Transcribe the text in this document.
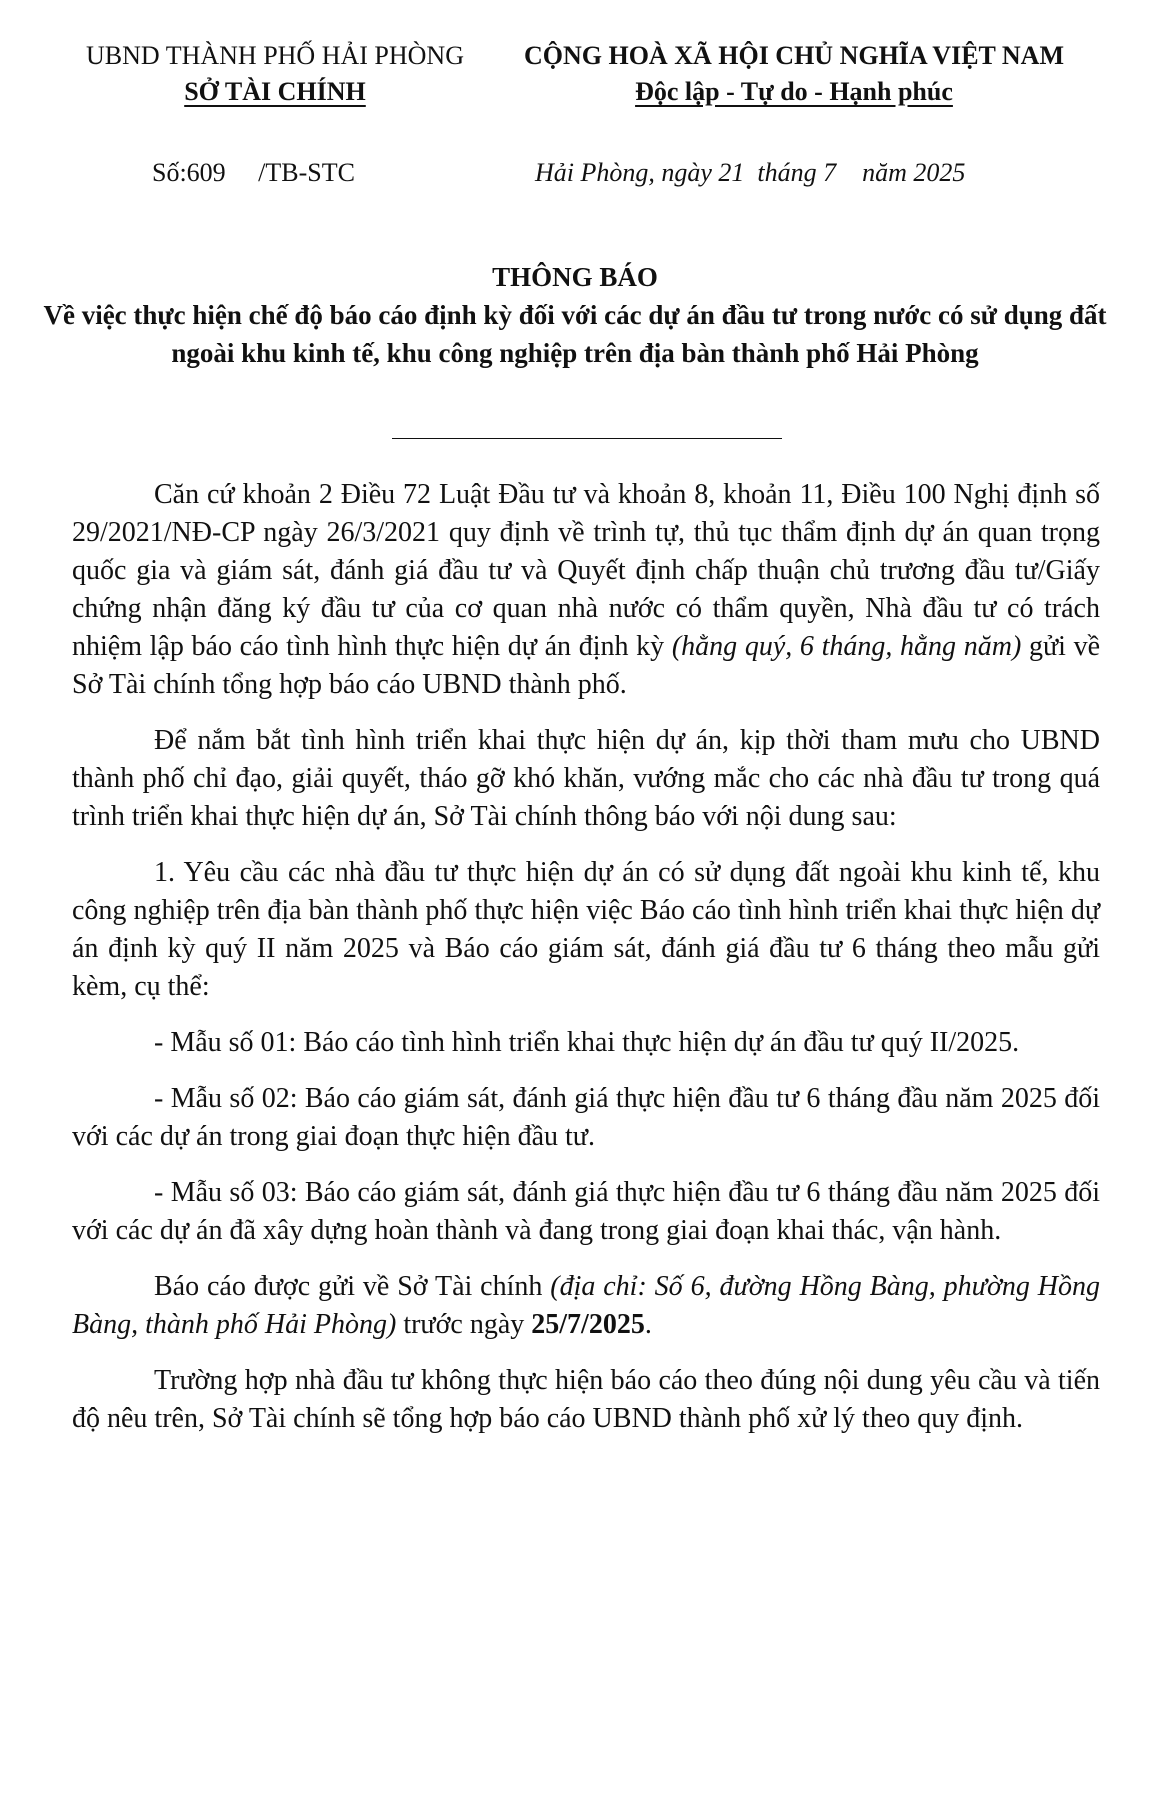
UBND THÀNH PHỐ HẢI PHÒNG
SỞ TÀI CHÍNH
CỘNG HOÀ XÃ HỘI CHỦ NGHĨA VIỆT NAM
Độc lập - Tự do - Hạnh phúc
Số:609     /TB-STC	Hải Phòng, ngày 21  tháng 7    năm 2025
THÔNG BÁO
Về việc thực hiện chế độ báo cáo định kỳ đối với các dự án đầu tư trong nước có sử dụng đất ngoài khu kinh tế, khu công nghiệp trên địa bàn thành phố Hải Phòng

Căn cứ khoản 2 Điều 72 Luật Đầu tư và khoản 8, khoản 11, Điều 100 Nghị định số 29/2021/NĐ-CP ngày 26/3/2021 quy định về trình tự, thủ tục thẩm định dự án quan trọng quốc gia và giám sát, đánh giá đầu tư và Quyết định chấp thuận chủ trương đầu tư/Giấy chứng nhận đăng ký đầu tư của cơ quan nhà nước có thẩm quyền, Nhà đầu tư có trách nhiệm lập báo cáo tình hình thực hiện dự án định kỳ (hằng quý, 6 tháng, hằng năm) gửi về Sở Tài chính tổng hợp báo cáo UBND thành phố.

Để nắm bắt tình hình triển khai thực hiện dự án, kịp thời tham mưu cho UBND thành phố chỉ đạo, giải quyết, tháo gỡ khó khăn, vướng mắc cho các nhà đầu tư trong quá trình triển khai thực hiện dự án, Sở Tài chính thông báo với nội dung sau:

1. Yêu cầu các nhà đầu tư thực hiện dự án có sử dụng đất ngoài khu kinh tế, khu công nghiệp trên địa bàn thành phố thực hiện việc Báo cáo tình hình triển khai thực hiện dự án định kỳ quý II năm 2025 và Báo cáo giám sát, đánh giá đầu tư 6 tháng theo mẫu gửi kèm, cụ thể:

- Mẫu số 01: Báo cáo tình hình triển khai thực hiện dự án đầu tư quý II/2025.

- Mẫu số 02: Báo cáo giám sát, đánh giá thực hiện đầu tư 6 tháng đầu năm 2025 đối với các dự án trong giai đoạn thực hiện đầu tư.

- Mẫu số 03: Báo cáo giám sát, đánh giá thực hiện đầu tư 6 tháng đầu năm 2025 đối với các dự án đã xây dựng hoàn thành và đang trong giai đoạn khai thác, vận hành.

Báo cáo được gửi về Sở Tài chính (địa chỉ: Số 6, đường Hồng Bàng, phường Hồng Bàng, thành phố Hải Phòng) trước ngày 25/7/2025.

Trường hợp nhà đầu tư không thực hiện báo cáo theo đúng nội dung yêu cầu và tiến độ nêu trên, Sở Tài chính sẽ tổng hợp báo cáo UBND thành phố xử lý theo quy định.
